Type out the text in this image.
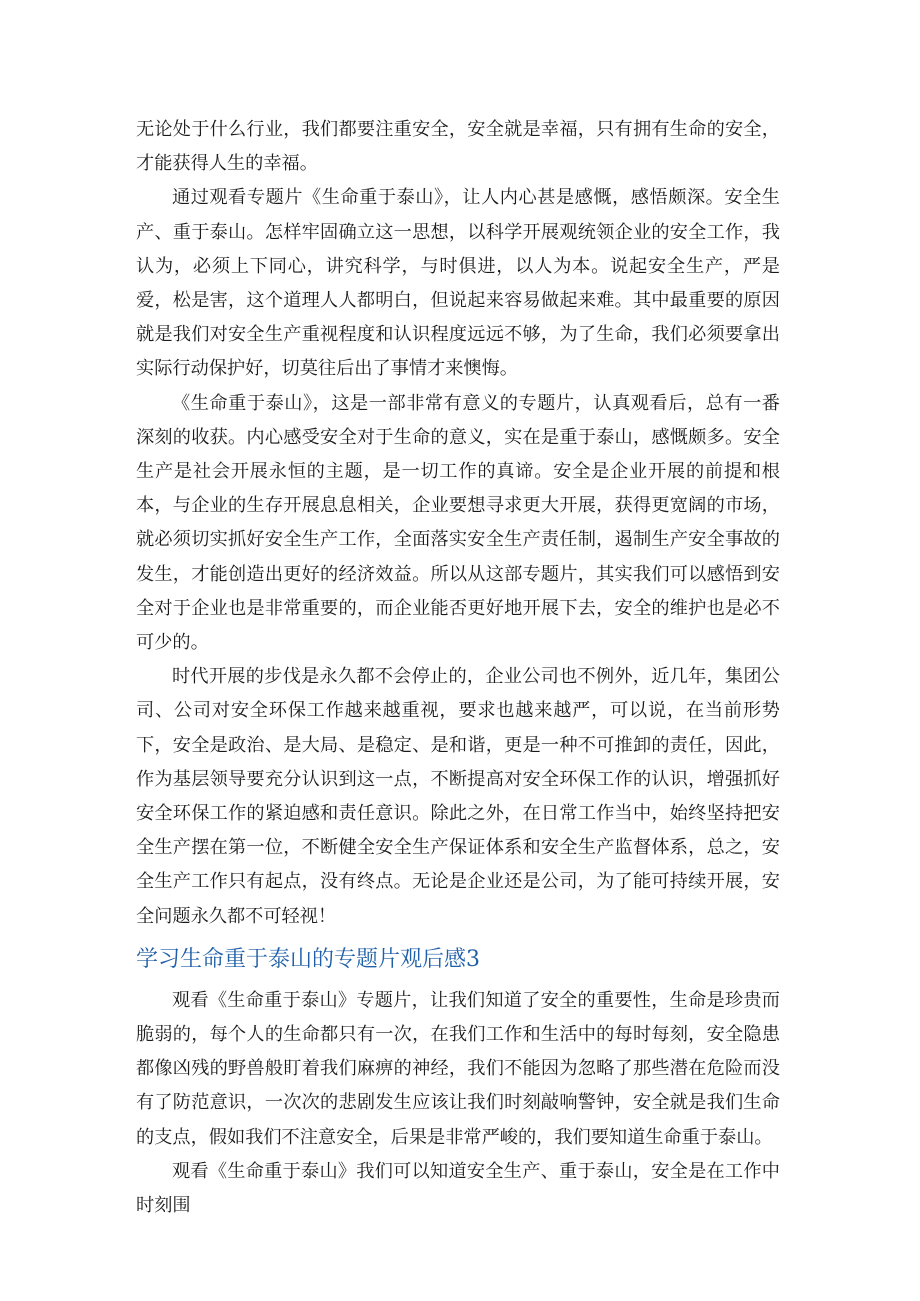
无论处于什么行业，我们都要注重安全，安全就是幸福，只有拥有生命的安全，才能获得人生的幸福。

通过观看专题片《生命重于泰山》，让人内心甚是感慨，感悟颇深。安全生产、重于泰山。怎样牢固确立这一思想，以科学开展观统领企业的安全工作，我认为，必须上下同心，讲究科学，与时俱进，以人为本。说起安全生产，严是爱，松是害，这个道理人人都明白，但说起来容易做起来难。其中最重要的原因就是我们对安全生产重视程度和认识程度远远不够，为了生命，我们必须要拿出实际行动保护好，切莫往后出了事情才来懊悔。

《生命重于泰山》，这是一部非常有意义的专题片，认真观看后，总有一番深刻的收获。内心感受安全对于生命的意义，实在是重于泰山，感慨颇多。安全生产是社会开展永恒的主题，是一切工作的真谛。安全是企业开展的前提和根本，与企业的生存开展息息相关，企业要想寻求更大开展，获得更宽阔的市场，就必须切实抓好安全生产工作，全面落实安全生产责任制，遏制生产安全事故的发生，才能创造出更好的经济效益。所以从这部专题片，其实我们可以感悟到安全对于企业也是非常重要的，而企业能否更好地开展下去，安全的维护也是必不可少的。

时代开展的步伐是永久都不会停止的，企业公司也不例外，近几年，集团公司、公司对安全环保工作越来越重视，要求也越来越严，可以说，在当前形势下，安全是政治、是大局、是稳定、是和谐，更是一种不可推卸的责任，因此，作为基层领导要充分认识到这一点，不断提高对安全环保工作的认识，增强抓好安全环保工作的紧迫感和责任意识。除此之外，在日常工作当中，始终坚持把安全生产摆在第一位，不断健全安全生产保证体系和安全生产监督体系，总之，安全生产工作只有起点，没有终点。无论是企业还是公司，为了能可持续开展，安全问题永久都不可轻视！

学习生命重于泰山的专题片观后感3

观看《生命重于泰山》专题片，让我们知道了安全的重要性，生命是珍贵而脆弱的，每个人的生命都只有一次，在我们工作和生活中的每时每刻，安全隐患都像凶残的野兽般盯着我们麻痹的神经，我们不能因为忽略了那些潜在危险而没有了防范意识，一次次的悲剧发生应该让我们时刻敲响警钟，安全就是我们生命的支点，假如我们不注意安全，后果是非常严峻的，我们要知道生命重于泰山。

观看《生命重于泰山》我们可以知道安全生产、重于泰山，安全是在工作中时刻围
